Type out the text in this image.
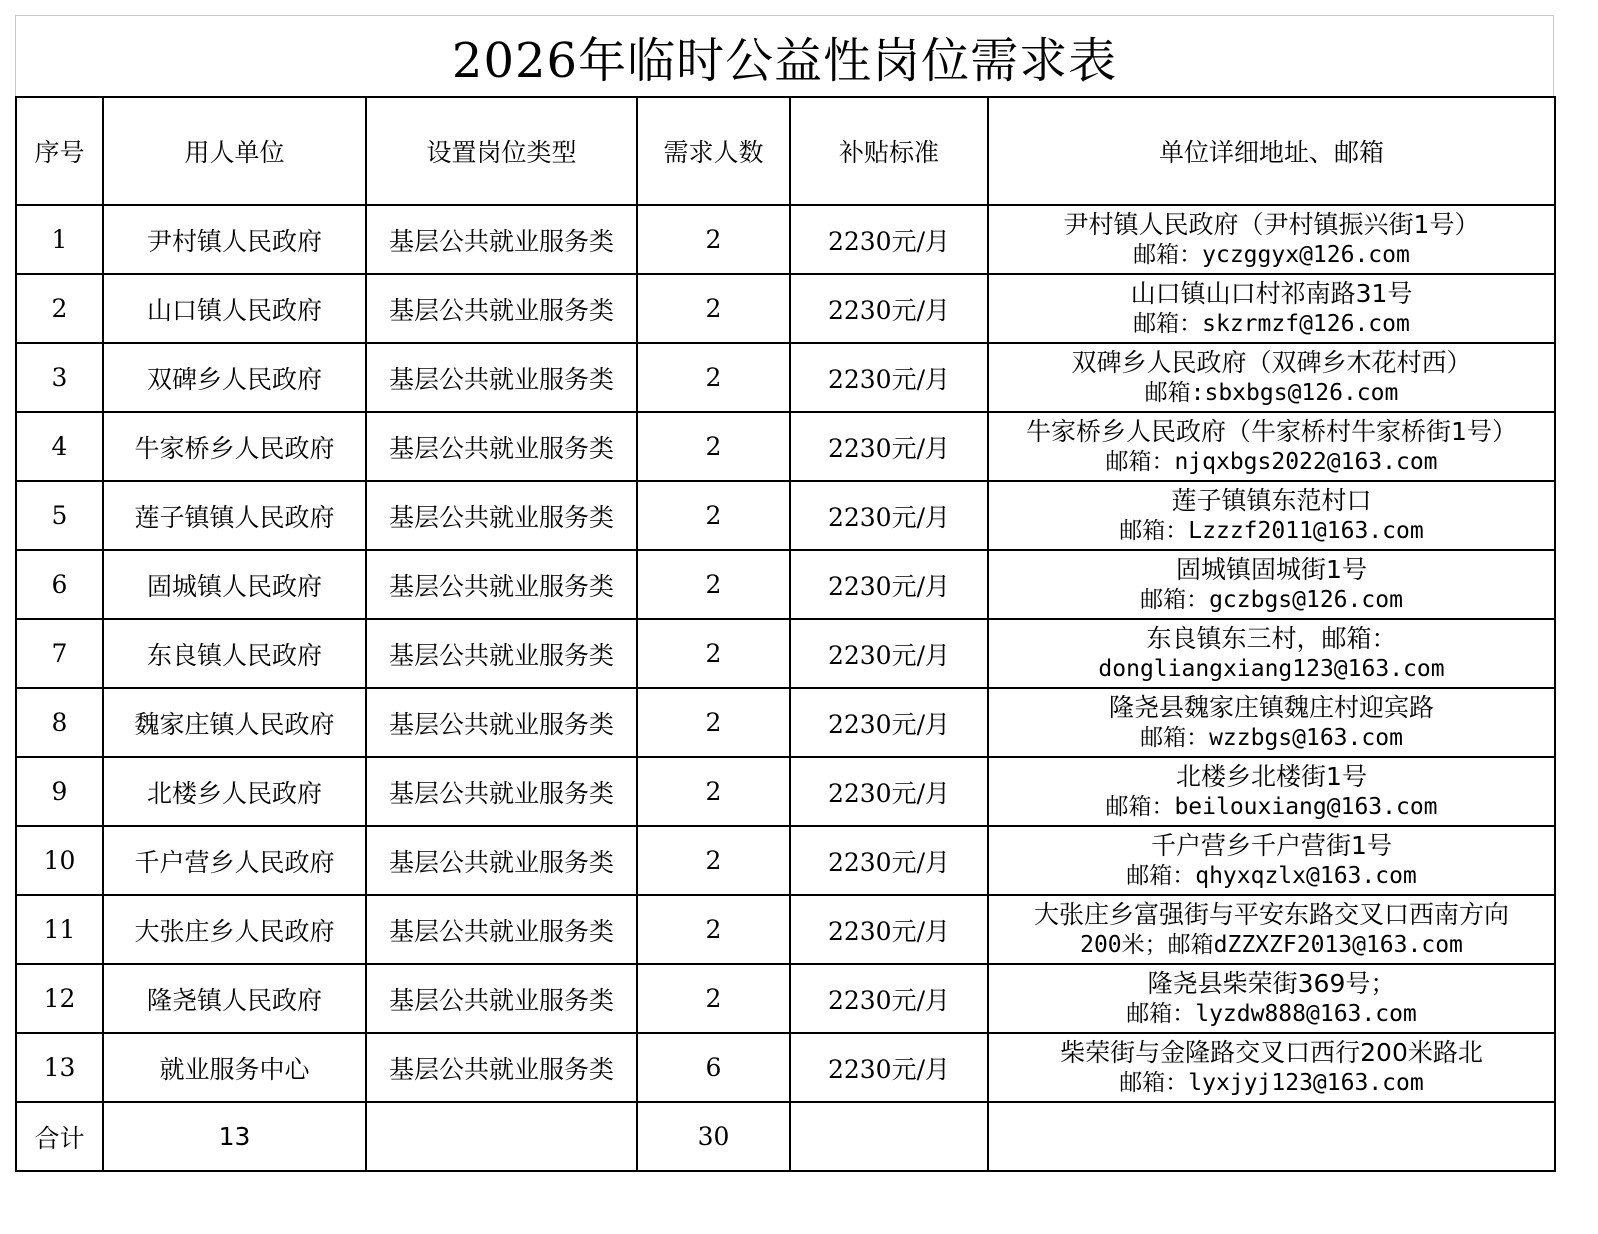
2026年临时公益性岗位需求表
序号	用人单位	设置岗位类型	需求人数	补贴标准	单位详细地址、邮箱
1	尹村镇人民政府	基层公共就业服务类	2	2230元/月	尹村镇人民政府（尹村镇振兴街1号）
邮箱：yczggyx@126.com

2	山口镇人民政府	基层公共就业服务类	2	2230元/月	山口镇山口村祁南路31号
邮箱：skzrmzf@126.com

3	双碑乡人民政府	基层公共就业服务类	2	2230元/月	双碑乡人民政府（双碑乡木花村西）
邮箱:sbxbgs@126.com

4	牛家桥乡人民政府	基层公共就业服务类	2	2230元/月	牛家桥乡人民政府（牛家桥村牛家桥街1号）
邮箱：njqxbgs2022@163.com

5	莲子镇镇人民政府	基层公共就业服务类	2	2230元/月	莲子镇镇东范村口
邮箱：Lzzzf2011@163.com

6	固城镇人民政府	基层公共就业服务类	2	2230元/月	固城镇固城街1号
邮箱：gczbgs@126.com

7	东良镇人民政府	基层公共就业服务类	2	2230元/月	东良镇东三村，邮箱：
dongliangxiang123@163.com

8	魏家庄镇人民政府	基层公共就业服务类	2	2230元/月	隆尧县魏家庄镇魏庄村迎宾路
邮箱：wzzbgs@163.com

9	北楼乡人民政府	基层公共就业服务类	2	2230元/月	北楼乡北楼街1号
邮箱：beilouxiang@163.com

10	千户营乡人民政府	基层公共就业服务类	2	2230元/月	千户营乡千户营街1号
邮箱：qhyxqzlx@163.com

11	大张庄乡人民政府	基层公共就业服务类	2	2230元/月	大张庄乡富强街与平安东路交叉口西南方向
200米；邮箱dZZXZF2013@163.com

12	隆尧镇人民政府	基层公共就业服务类	2	2230元/月	隆尧县柴荣街369号；
邮箱：lyzdw888@163.com

13	就业服务中心	基层公共就业服务类	6	2230元/月	柴荣街与金隆路交叉口西行200米路北
邮箱：lyxjyj123@163.com

合计	13		30		
